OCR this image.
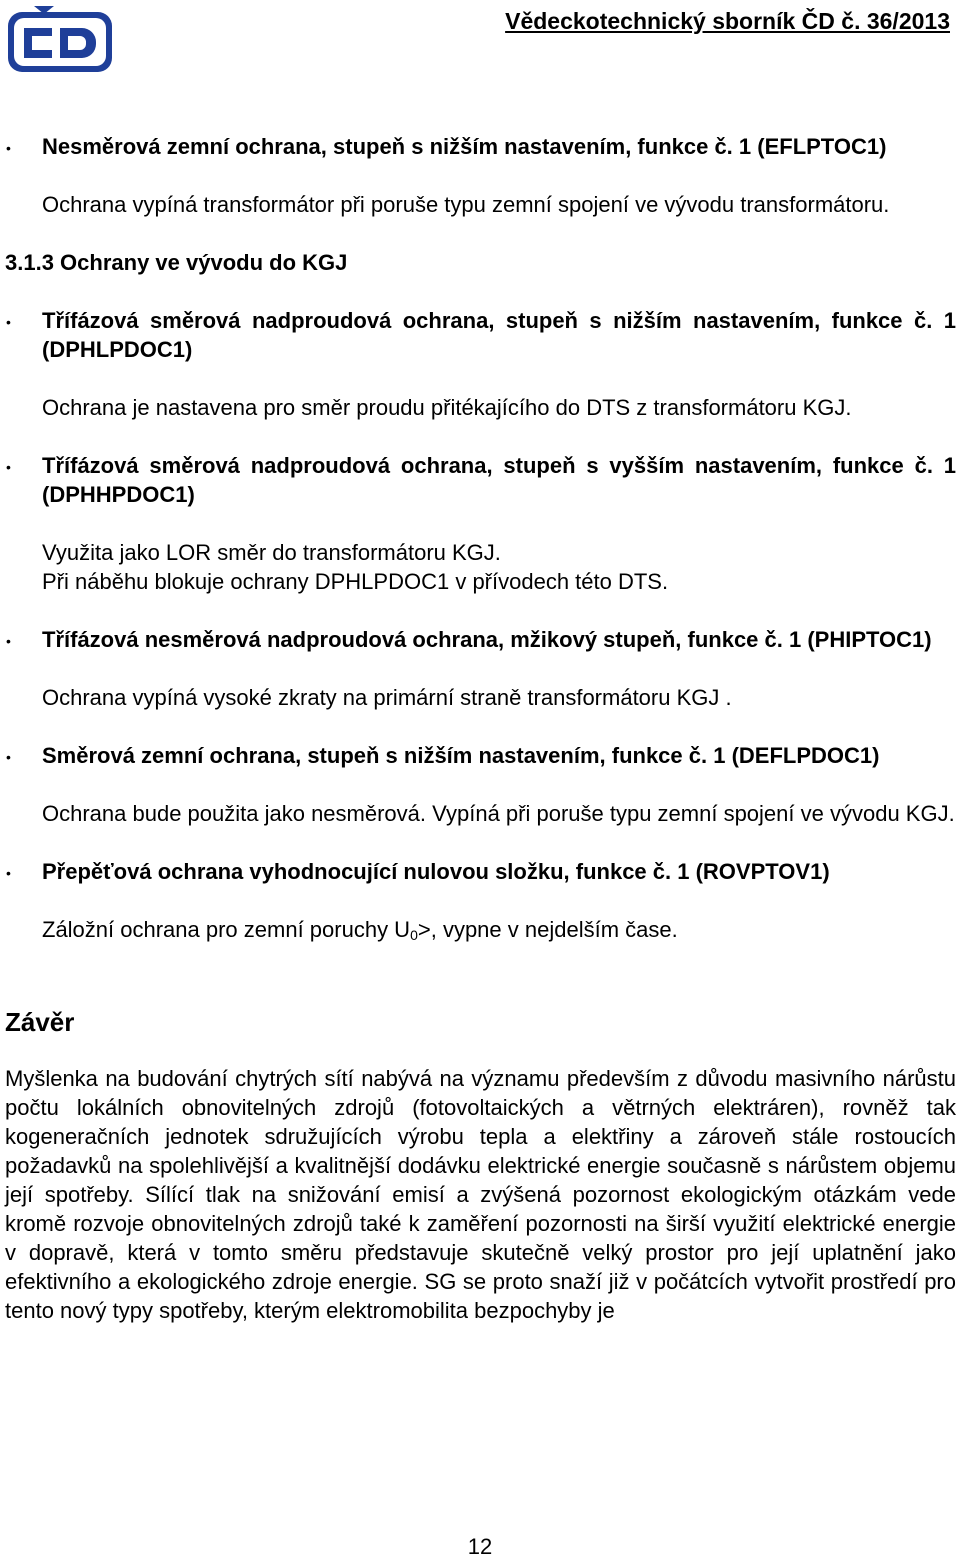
Vědeckotechnický sborník ČD č. 36/2013
•	Nesměrová zemní ochrana, stupeň s nižším nastavením, funkce č. 1 (EFLPTOC1)

Ochrana vypíná transformátor při poruše typu zemní spojení ve vývodu transformátoru.

3.1.3 Ochrany ve vývodu do KGJ

•	Třífázová směrová nadproudová ochrana, stupeň s nižším nastavením, funkce č. 1 (DPHLPDOC1)

Ochrana je nastavena pro směr proudu přitékajícího do DTS z transformátoru KGJ.

•	Třífázová směrová nadproudová ochrana, stupeň s vyšším nastavením, funkce č. 1 (DPHHPDOC1)

Využita jako LOR směr do transformátoru KGJ.

Při náběhu blokuje ochrany DPHLPDOC1 v přívodech této DTS.

•	Třífázová nesměrová nadproudová ochrana, mžikový stupeň, funkce č. 1 (PHIPTOC1)

Ochrana vypíná vysoké zkraty na primární straně transformátoru KGJ .

•	Směrová zemní ochrana, stupeň s nižším nastavením, funkce č. 1 (DEFLPDOC1)

Ochrana bude použita jako nesměrová. Vypíná při poruše typu zemní spojení ve vývodu KGJ.

•	Přepěťová ochrana vyhodnocující nulovou složku, funkce č. 1 (ROVPTOV1)

Záložní ochrana pro zemní poruchy $U_0>$, vypne v nejdelším čase.

Závěr

Myšlenka na budování chytrých sítí nabývá na významu především z důvodu masivního nárůstu počtu lokálních obnovitelných zdrojů (fotovoltaických a větrných elektráren), rovněž tak kogeneračních jednotek sdružujících výrobu tepla a elektřiny a zároveň stále rostoucích požadavků na spolehlivější a kvalitnější dodávku elektrické energie současně s nárůstem objemu její spotřeby. Sílící tlak na snižování emisí a zvýšená pozornost ekologickým otázkám vede kromě rozvoje obnovitelných zdrojů také k zaměření pozornosti na širší využití elektrické energie v dopravě, která v tomto směru představuje skutečně velký prostor pro její uplatnění jako efektivního a ekologického zdroje energie. SG se proto snaží již v počátcích vytvořit prostředí pro tento nový typy spotřeby, kterým elektromobilita bezpochyby je

12
